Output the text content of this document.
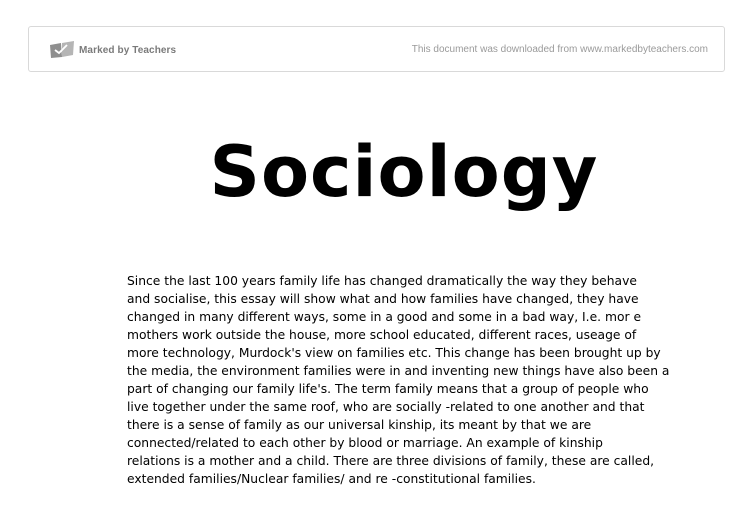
Marked by Teachers	This document was downloaded from www.markedbyteachers.com
Sociology

Since the last 100 years family life has changed dramatically the way they behave
and socialise, this essay will show what and how families have changed, they have
changed in many different ways, some in a good and some in a bad way, I.e. mor e
mothers work outside the house, more school educated, different races, useage of
more technology, Murdock's view on families etc. This change has been brought up by
the media, the environment families were in and inventing new things have also been a
part of changing our family life's. The term family means that a group of people who
live together under the same roof, who are socially -related to one another and that
there is a sense of family as our universal kinship, its meant by that we are
connected/related to each other by blood or marriage. An example of kinship
relations is a mother and a child. There are three divisions of family, these are called,
extended families/Nuclear families/ and re -constitutional families.
